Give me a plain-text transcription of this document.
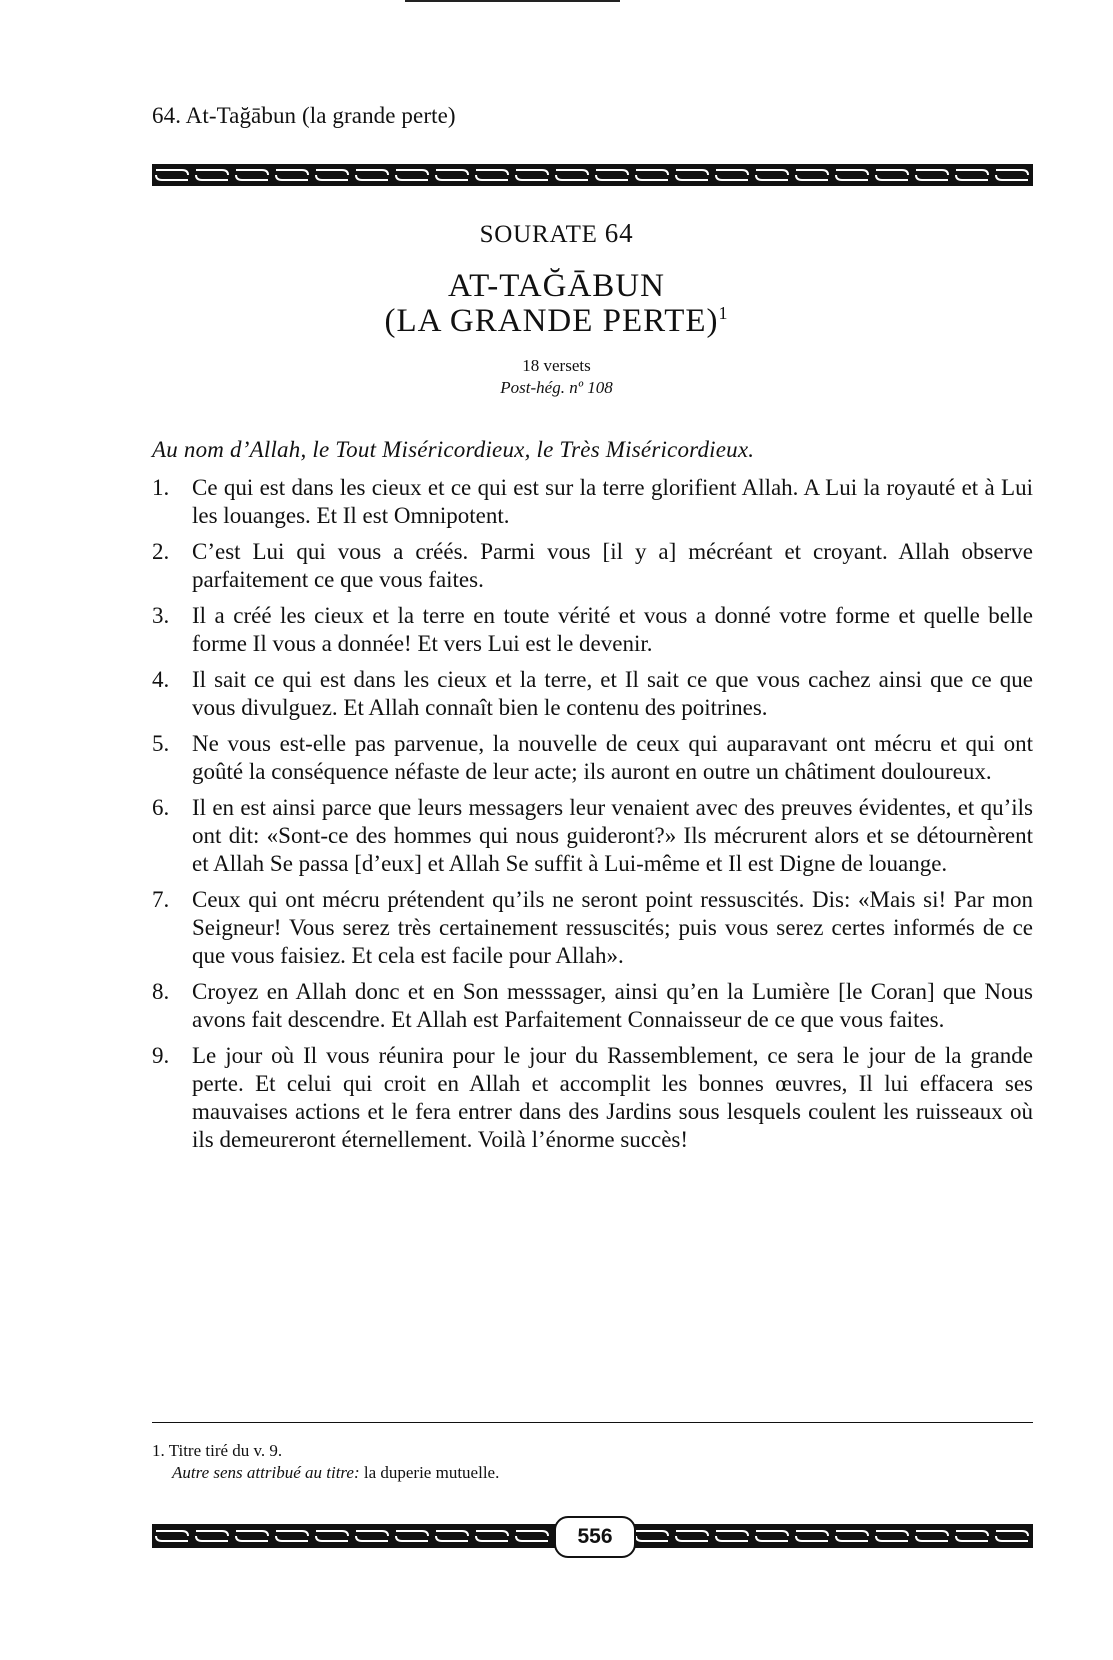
64. At-Tağābun (la grande perte)
SOURATE 64
AT-TAĞĀBUN
(LA GRANDE PERTE)$^1$
18 versets
Post-hég. nº 108
Au nom d’Allah, le Tout Miséricordieux, le Très Miséricordieux.
1. Ce qui est dans les cieux et ce qui est sur la terre glorifient Allah. A Lui la royauté et à Lui les louanges. Et Il est Omnipotent.
2. C’est Lui qui vous a créés. Parmi vous [il y a] mécréant et croyant. Allah observe parfaitement ce que vous faites.
3. Il a créé les cieux et la terre en toute vérité et vous a donné votre forme et quelle belle forme Il vous a donnée! Et vers Lui est le devenir.
4. Il sait ce qui est dans les cieux et la terre, et Il sait ce que vous cachez ainsi que ce que vous divulguez. Et Allah connaît bien le contenu des poitrines.
5. Ne vous est-elle pas parvenue, la nouvelle de ceux qui auparavant ont mécru et qui ont goûté la conséquence néfaste de leur acte; ils auront en outre un châtiment douloureux.
6. Il en est ainsi parce que leurs messagers leur venaient avec des preuves évidentes, et qu’ils ont dit: «Sont-ce des hommes qui nous guideront?» Ils mécrurent alors et se détournèrent et Allah Se passa [d’eux] et Allah Se suffit à Lui-même et Il est Digne de louange.
7. Ceux qui ont mécru prétendent qu’ils ne seront point ressuscités. Dis: «Mais si! Par mon Seigneur! Vous serez très certainement ressuscités; puis vous serez certes informés de ce que vous faisiez. Et cela est facile pour Allah».
8. Croyez en Allah donc et en Son messsager, ainsi qu’en la Lumière [le Coran] que Nous avons fait descendre. Et Allah est Parfaitement Connaisseur de ce que vous faites.
9. Le jour où Il vous réunira pour le jour du Rassemblement, ce sera le jour de la grande perte. Et celui qui croit en Allah et accomplit les bonnes œuvres, Il lui effacera ses mauvaises actions et le fera entrer dans des Jardins sous lesquels coulent les ruisseaux où ils demeureront éternellement. Voilà l’énorme succès!
1. Titre tiré du v. 9.
Autre sens attribué au titre: la duperie mutuelle.
556
